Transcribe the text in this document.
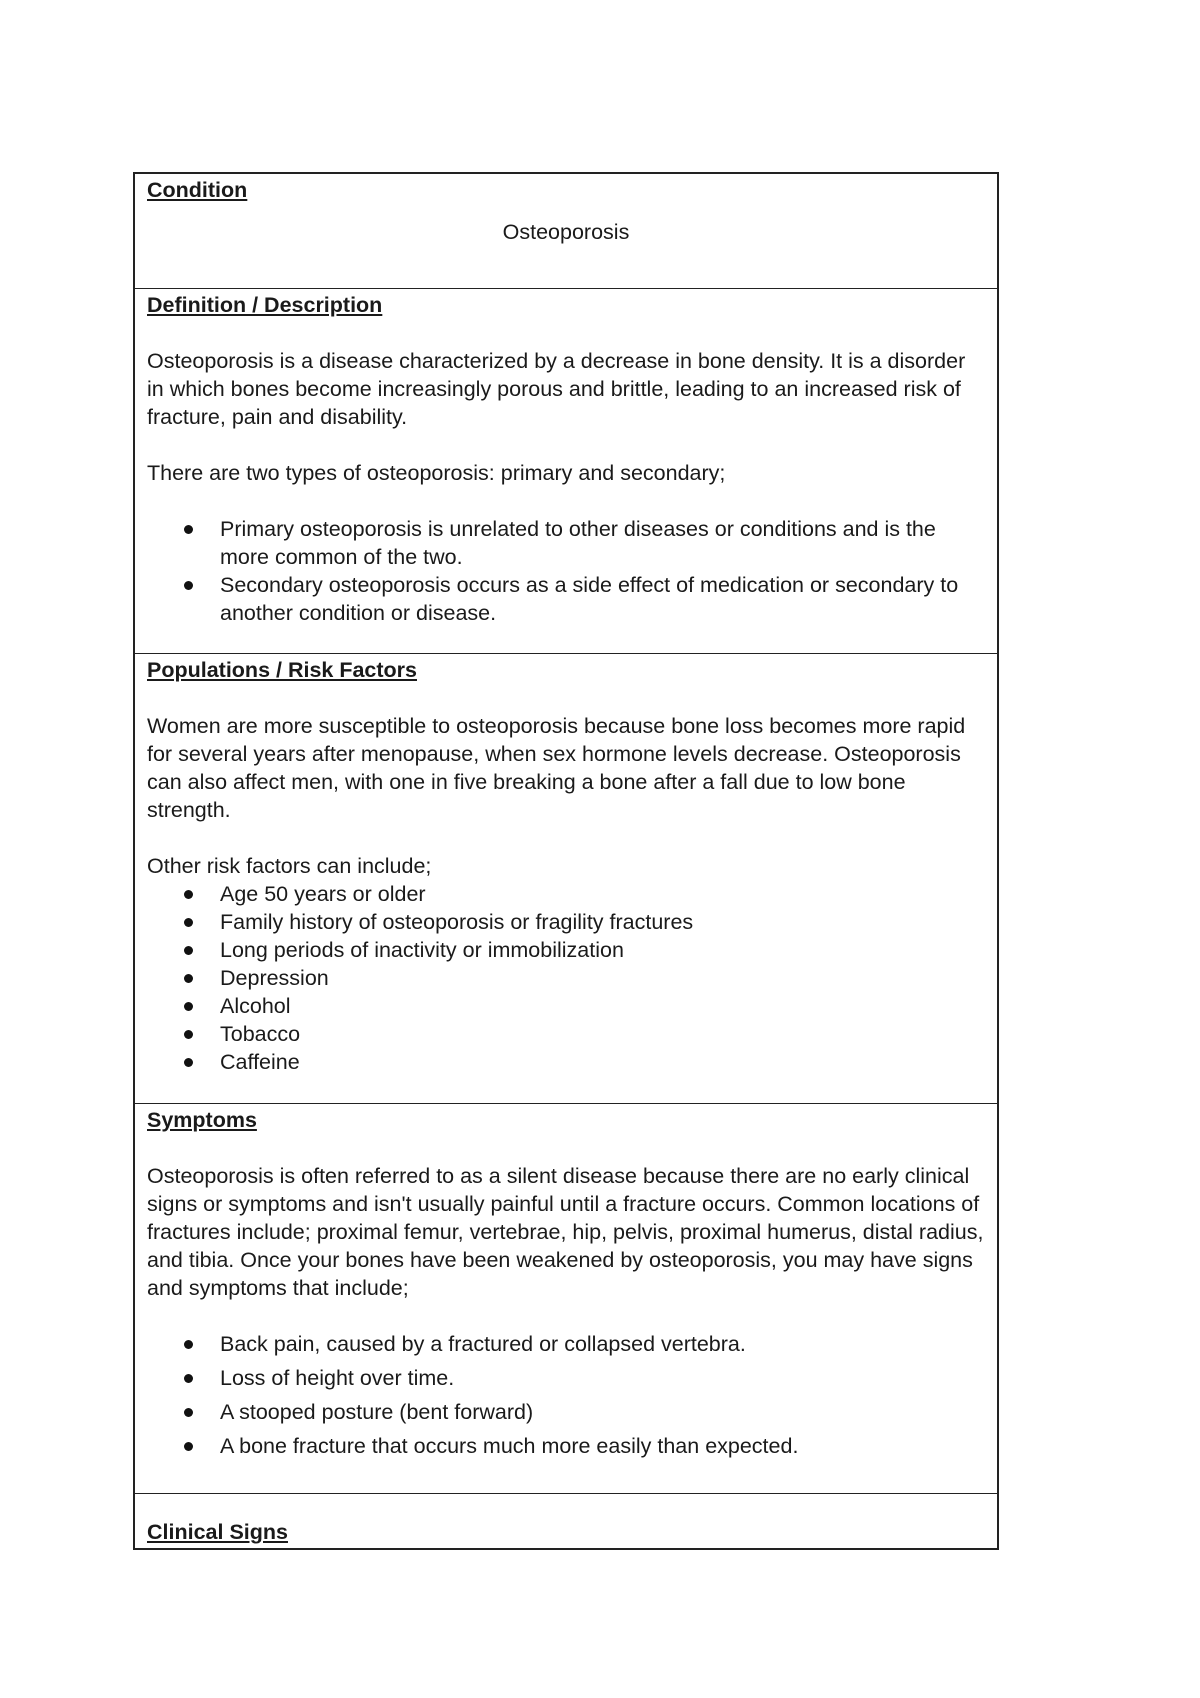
Condition

Osteoporosis

Definition / Description

Osteoporosis is a disease characterized by a decrease in bone density. It is a disorder in which bones become increasingly porous and brittle, leading to an increased risk of fracture, pain and disability.

There are two types of osteoporosis: primary and secondary;

Primary osteoporosis is unrelated to other diseases or conditions and is the more common of the two.
Secondary osteoporosis occurs as a side effect of medication or secondary to another condition or disease.
Populations / Risk Factors

Women are more susceptible to osteoporosis because bone loss becomes more rapid for several years after menopause, when sex hormone levels decrease. Osteoporosis can also affect men, with one in five breaking a bone after a fall due to low bone strength.

Other risk factors can include;

Age 50 years or older
Family history of osteoporosis or fragility fractures
Long periods of inactivity or immobilization
Depression
Alcohol
Tobacco
Caffeine
Symptoms

Osteoporosis is often referred to as a silent disease because there are no early clinical signs or symptoms and isn't usually painful until a fracture occurs. Common locations of fractures include; proximal femur, vertebrae, hip, pelvis, proximal humerus, distal radius, and tibia. Once your bones have been weakened by osteoporosis, you may have signs and symptoms that include;

Back pain, caused by a fractured or collapsed vertebra.
Loss of height over time.
A stooped posture (bent forward)
A bone fracture that occurs much more easily than expected.
Clinical Signs
